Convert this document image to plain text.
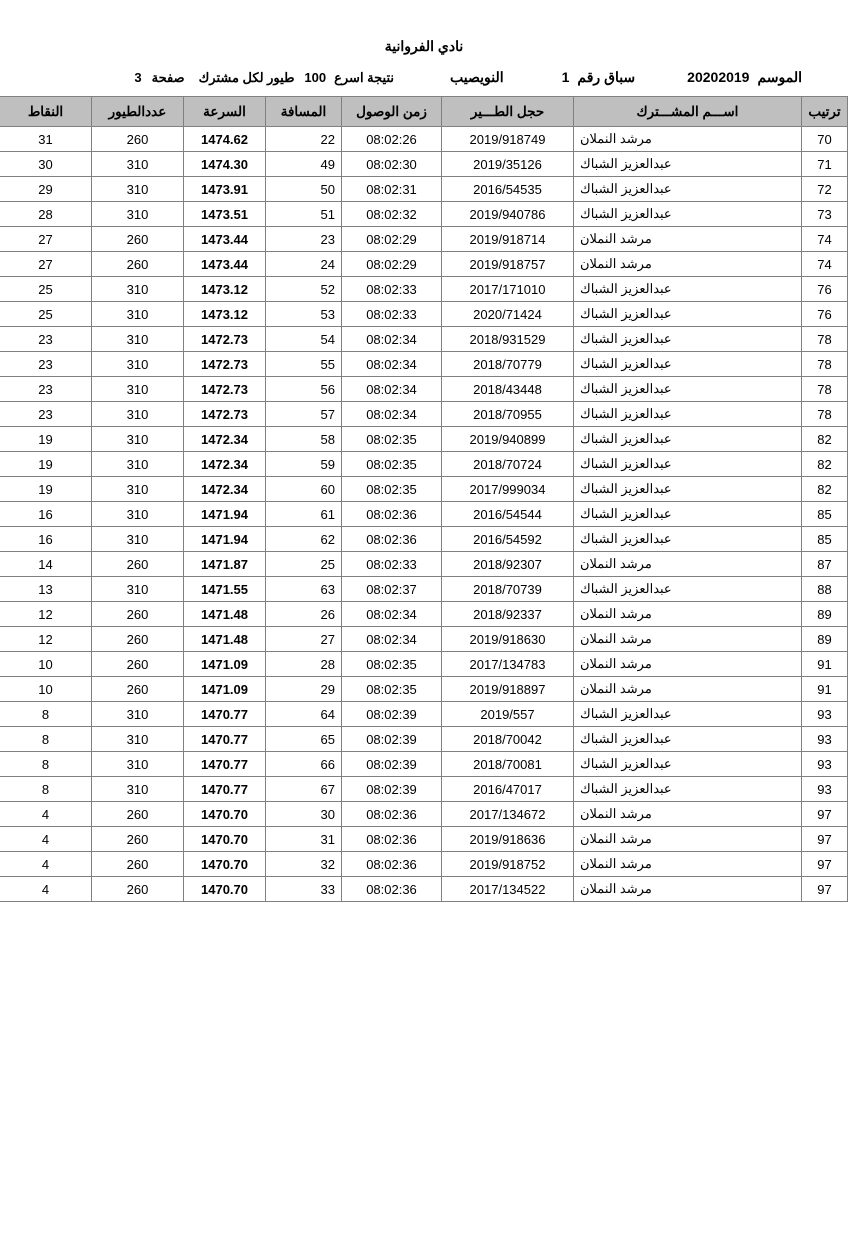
نادي الفروانية
الموسم
20202019
سباق رقم
1
النويصيب
نتيجة اسرع
100
طيور لكل مشترك
صفحة
3
ترتيب	اســـم المشـــترك	حجل الطـــير	زمن الوصول	المسافة	السرعة	عددالطيور	النقاط
70	مرشد النملان	2019/918749	08:02:26	22	1474.62	260	31
71	عبدالعزيز الشباك	2019/35126	08:02:30	49	1474.30	310	30
72	عبدالعزيز الشباك	2016/54535	08:02:31	50	1473.91	310	29
73	عبدالعزيز الشباك	2019/940786	08:02:32	51	1473.51	310	28
74	مرشد النملان	2019/918714	08:02:29	23	1473.44	260	27
74	مرشد النملان	2019/918757	08:02:29	24	1473.44	260	27
76	عبدالعزيز الشباك	2017/171010	08:02:33	52	1473.12	310	25
76	عبدالعزيز الشباك	2020/71424	08:02:33	53	1473.12	310	25
78	عبدالعزيز الشباك	2018/931529	08:02:34	54	1472.73	310	23
78	عبدالعزيز الشباك	2018/70779	08:02:34	55	1472.73	310	23
78	عبدالعزيز الشباك	2018/43448	08:02:34	56	1472.73	310	23
78	عبدالعزيز الشباك	2018/70955	08:02:34	57	1472.73	310	23
82	عبدالعزيز الشباك	2019/940899	08:02:35	58	1472.34	310	19
82	عبدالعزيز الشباك	2018/70724	08:02:35	59	1472.34	310	19
82	عبدالعزيز الشباك	2017/999034	08:02:35	60	1472.34	310	19
85	عبدالعزيز الشباك	2016/54544	08:02:36	61	1471.94	310	16
85	عبدالعزيز الشباك	2016/54592	08:02:36	62	1471.94	310	16
87	مرشد النملان	2018/92307	08:02:33	25	1471.87	260	14
88	عبدالعزيز الشباك	2018/70739	08:02:37	63	1471.55	310	13
89	مرشد النملان	2018/92337	08:02:34	26	1471.48	260	12
89	مرشد النملان	2019/918630	08:02:34	27	1471.48	260	12
91	مرشد النملان	2017/134783	08:02:35	28	1471.09	260	10
91	مرشد النملان	2019/918897	08:02:35	29	1471.09	260	10
93	عبدالعزيز الشباك	2019/557	08:02:39	64	1470.77	310	8
93	عبدالعزيز الشباك	2018/70042	08:02:39	65	1470.77	310	8
93	عبدالعزيز الشباك	2018/70081	08:02:39	66	1470.77	310	8
93	عبدالعزيز الشباك	2016/47017	08:02:39	67	1470.77	310	8
97	مرشد النملان	2017/134672	08:02:36	30	1470.70	260	4
97	مرشد النملان	2019/918636	08:02:36	31	1470.70	260	4
97	مرشد النملان	2019/918752	08:02:36	32	1470.70	260	4
97	مرشد النملان	2017/134522	08:02:36	33	1470.70	260	4
